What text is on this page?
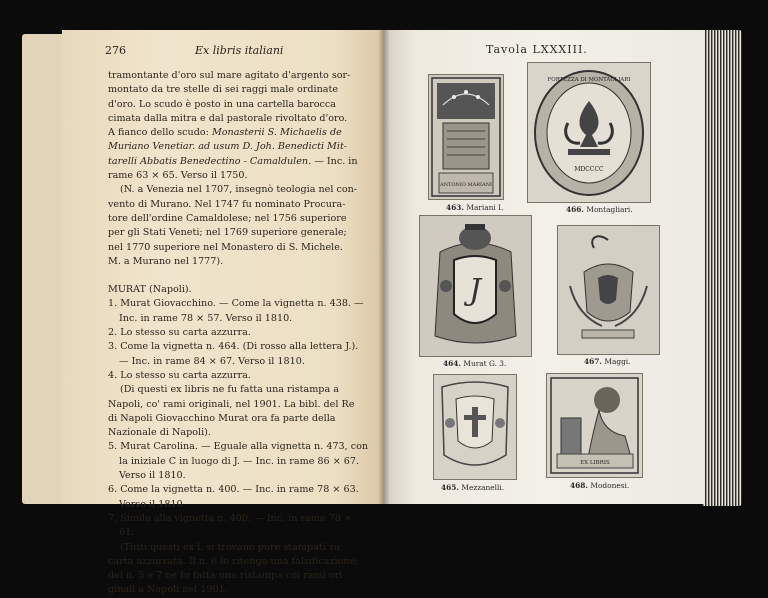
276	Ex libris italiani	Tavola LXXXIII.

tramontante d'oro sul mare agitato d'argento sor-

montato da tre stelle di sei raggi male ordinate

d'oro. Lo scudo è posto in una cartella barocca

cimata dalla mitra e dal pastorale rivoltato d'oro.

A fianco dello scudo: Monasterii S. Michaelis de

Muriano Venetiar. ad usum D. Joh. Benedicti Mit-

tarelli Abbatis Benedectino - Camaldulen. — Inc. in

rame 63 × 65. Verso il 1750.

(N. a Venezia nel 1707, insegnò teologia nel con-

vento di Murano. Nel 1747 fu nominato Procura-

tore dell'ordine Camaldolese; nel 1756 superiore

per gli Stati Veneti; nel 1769 superiore generale;

nel 1770 superiore nel Monastero di S. Michele.

M. a Murano nel 1777).

MURAT (Napoli).

1. Murat Giovacchino. — Come la vignetta n. 438. —

Inc. in rame 78 × 57. Verso il 1810.

2. Lo stesso su carta azzurra.

3. Come la vignetta n. 464. (Di rosso alla lettera J.).

— Inc. in rame 84 × 67. Verso il 1810.

4. Lo stesso su carta azzurra.

(Di questi ex libris ne fu fatta una ristampa a

Napoli, co' rami originali, nel 1901. La bibl. del Re

di Napoli Giovacchino Murat ora fa parte della

Nazionale di Napoli).

5. Murat Carolina. — Eguale alla vignetta n. 473, con

la iniziale C in luogo di J. — Inc. in rame 86 × 67.

Verso il 1810.

6. Come la vignetta n. 400. — Inc. in rame 78 × 63.

Verso il 1810.

7. Simile alla vignetta n. 400. — Inc. in rame 78 × 61.

(Tutti questi ex l. si trovano pure stampati su

carta azzurrata. Il n. 6 lo ritengo una falsificazione;

dei n. 5 e 7 ne fu fatta una ristampa coi rami ori-

ginali a Napoli nel 1901.

ANTONIO MARIANI
463. Mariani I.
MDCCCC
FORTEZZA DI MONTAGLIARI
466. Montagliari.
J
464. Murat G. 3.	467. Maggi.
465. Mezzanelli.
EX LIBRIS
468. Modonesi.
